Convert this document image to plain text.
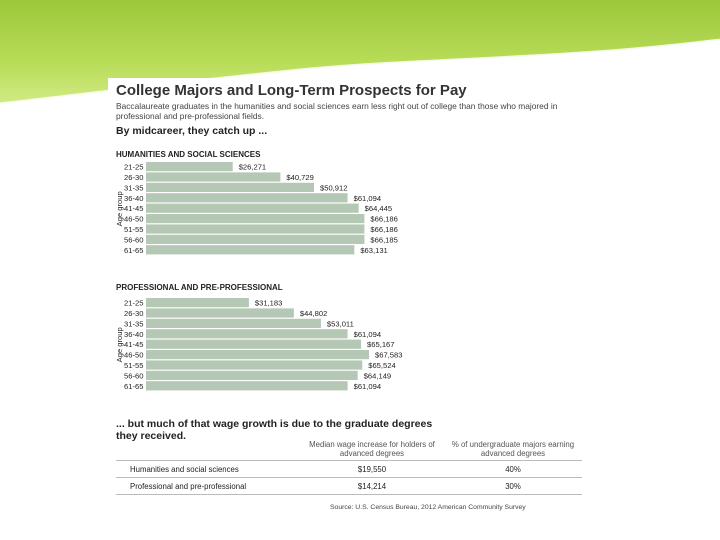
College Majors and Long-Term Prospects for Pay

Baccalaureate graduates in the humanities and social sciences earn less right out of college than those who majored in professional and pre-professional fields.

By midcareer, they catch up ...

HUMANITIES AND SOCIAL SCIENCES

Age group
21-25	$26,271
26-30	$40,729
31-35	$50,912
36-40	$61,094
41-45	$64,445
46-50	$66,186
51-55	$66,186
56-60	$66,185
61-65	$63,131

PROFESSIONAL AND PRE-PROFESSIONAL

Age group
21-25	$31,183
26-30	$44,802
31-35	$53,011
36-40	$61,094
41-45	$65,167
46-50	$67,583
51-55	$65,524
56-60	$64,149
61-65	$61,094

... but much of that wage growth is due to the graduate degrees they received.

	Median wage increase for holders of advanced degrees	% of undergraduate majors earning advanced degrees
Humanities and social sciences	$19,550	40%
Professional and pre-professional	$14,214	30%

Source: U.S. Census Bureau, 2012 American Community Survey
